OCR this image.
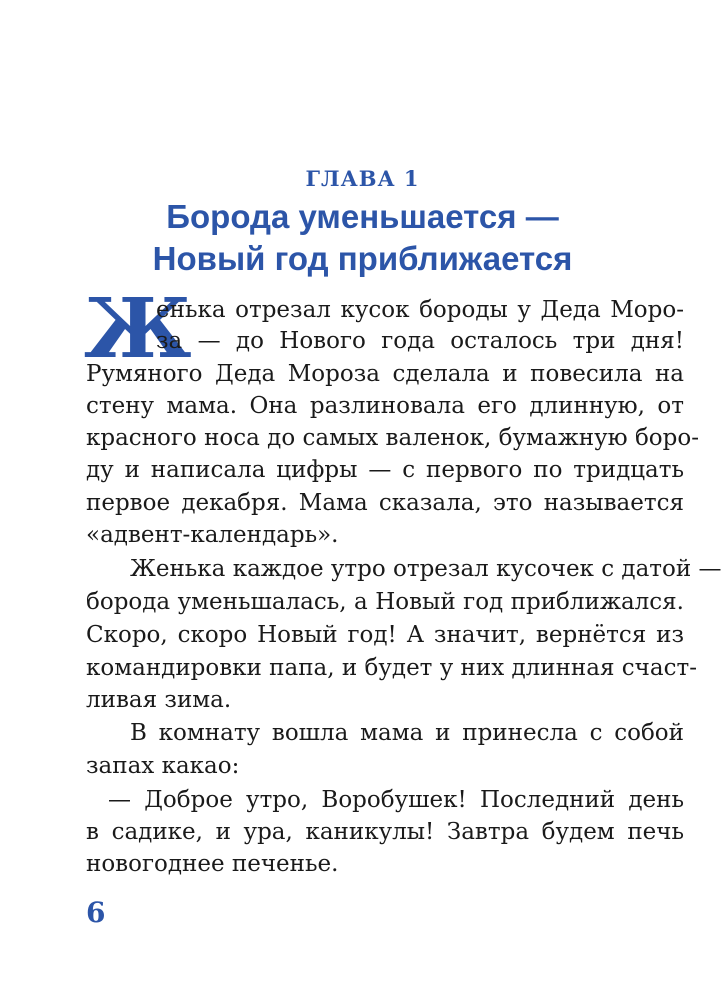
ГЛАВА 1
Борода уменьшается —
Новый год приближается
Ж
енька отрезал кусок бороды у Деда Моро-
за — до Нового года осталось три дня!
Румяного Деда Мороза сделала и повесила на
стену мама. Она разлиновала его длинную, от
красного носа до самых валенок, бумажную боро-
ду и написала цифры — с первого по тридцать
первое декабря. Мама сказала, это называется
«адвент-календарь».
Женька каждое утро отрезал кусочек с датой —
борода уменьшалась, а Новый год приближался.
Скоро, скоро Новый год! А значит, вернётся из
командировки папа, и будет у них длинная счаст-
ливая зима.
В комнату вошла мама и принесла с собой
запах какао:
— Доброе утро, Воробушек! Последний день
в садике, и ура, каникулы! Завтра будем печь
новогоднее печенье.
6
